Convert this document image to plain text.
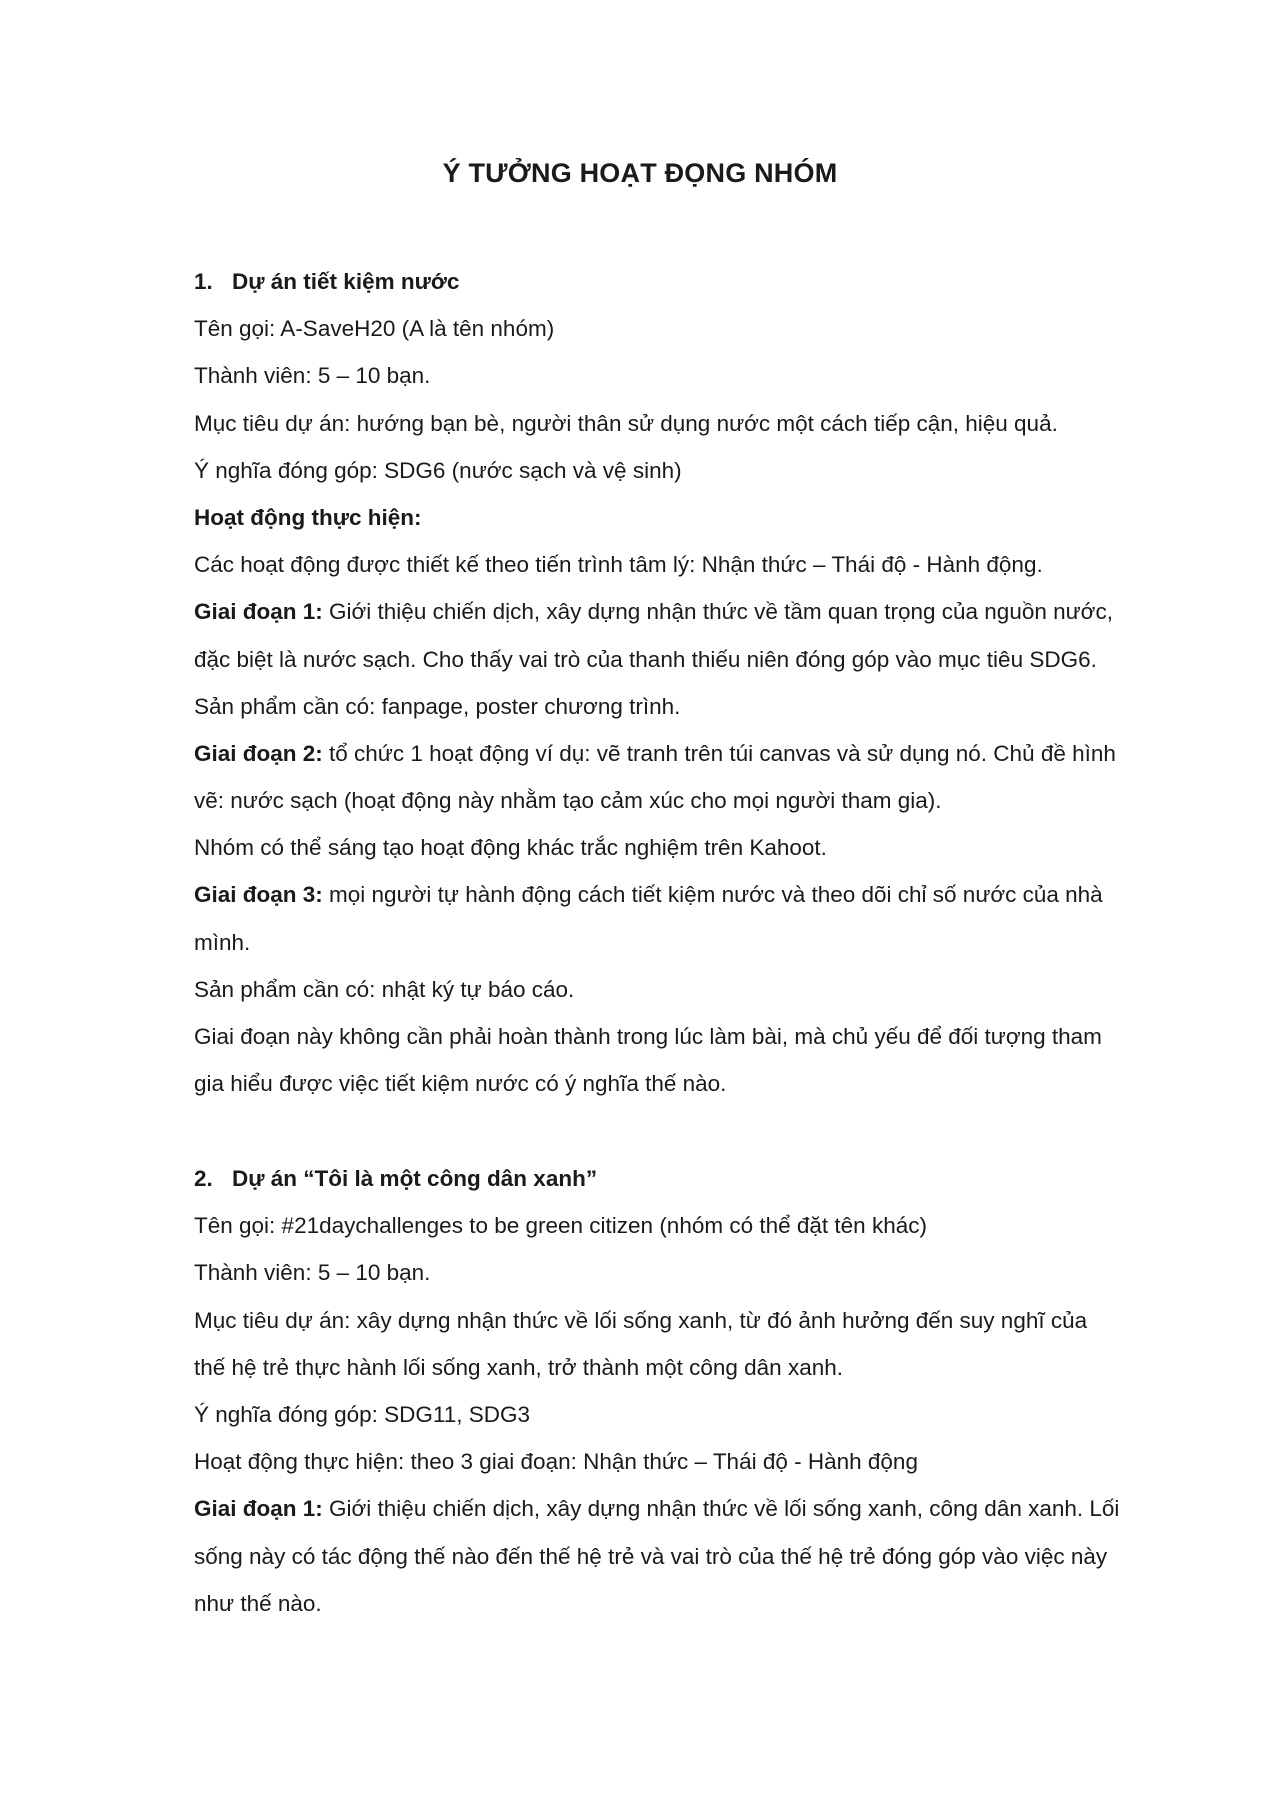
Ý TƯỞNG HOẠT ĐỌNG NHÓM
1. Dự án tiết kiệm nước
Tên gọi: A-SaveH20 (A là tên nhóm)
Thành viên: 5 – 10 bạn.
Mục tiêu dự án: hướng bạn bè, người thân sử dụng nước một cách tiếp cận, hiệu quả.
Ý nghĩa đóng góp: SDG6 (nước sạch và vệ sinh)
Hoạt động thực hiện:
Các hoạt động được thiết kế theo tiến trình tâm lý: Nhận thức – Thái độ - Hành động.
Giai đoạn 1: Giới thiệu chiến dịch, xây dựng nhận thức về tầm quan trọng của nguồn nước,
đặc biệt là nước sạch. Cho thấy vai trò của thanh thiếu niên đóng góp vào mục tiêu SDG6.
Sản phẩm cần có: fanpage, poster chương trình.
Giai đoạn 2: tổ chức 1 hoạt động ví dụ: vẽ tranh trên túi canvas và sử dụng nó. Chủ đề hình
vẽ: nước sạch (hoạt động này nhằm tạo cảm xúc cho mọi người tham gia).
Nhóm có thể sáng tạo hoạt động khác trắc nghiệm trên Kahoot.
Giai đoạn 3: mọi người tự hành động cách tiết kiệm nước và theo dõi chỉ số nước của nhà
mình.
Sản phẩm cần có: nhật ký tự báo cáo.
Giai đoạn này không cần phải hoàn thành trong lúc làm bài, mà chủ yếu để đối tượng tham
gia hiểu được việc tiết kiệm nước có ý nghĩa thế nào.
2. Dự án “Tôi là một công dân xanh”
Tên gọi: #21daychallenges to be green citizen (nhóm có thể đặt tên khác)
Thành viên: 5 – 10 bạn.
Mục tiêu dự án: xây dựng nhận thức về lối sống xanh, từ đó ảnh hưởng đến suy nghĩ của
thế hệ trẻ thực hành lối sống xanh, trở thành một công dân xanh.
Ý nghĩa đóng góp: SDG11, SDG3
Hoạt động thực hiện: theo 3 giai đoạn: Nhận thức – Thái độ - Hành động
Giai đoạn 1: Giới thiệu chiến dịch, xây dựng nhận thức về lối sống xanh, công dân xanh. Lối
sống này có tác động thế nào đến thế hệ trẻ và vai trò của thế hệ trẻ đóng góp vào việc này
như thế nào.
